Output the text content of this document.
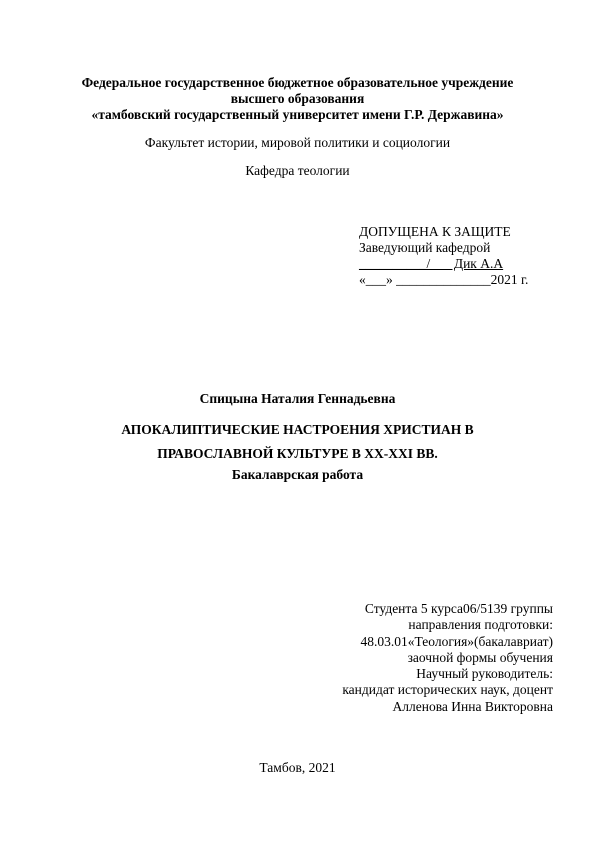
Федеральное государственное бюджетное образовательное учреждение
высшего образования
«тамбовский государственный университет имени Г.Р. Державина»
Факультет истории, мировой политики и социологии
Кафедра теологии
ДОПУЩЕНА К ЗАЩИТЕ
Заведующий кафедрой
__________/       Дик А.А
«___» ______________2021 г.
Спицына Наталия Геннадьевна
АПОКАЛИПТИЧЕСКИЕ НАСТРОЕНИЯ ХРИСТИАН В
ПРАВОСЛАВНОЙ КУЛЬТУРЕ В XX-XXI ВВ.
Бакалаврская работа
Студента 5 курса06/5139 группы
направления подготовки:
48.03.01«Теология»(бакалавриат)
заочной формы обучения
Научный руководитель:
кандидат исторических наук, доцент
Алленова Инна Викторовна
Тамбов, 2021
